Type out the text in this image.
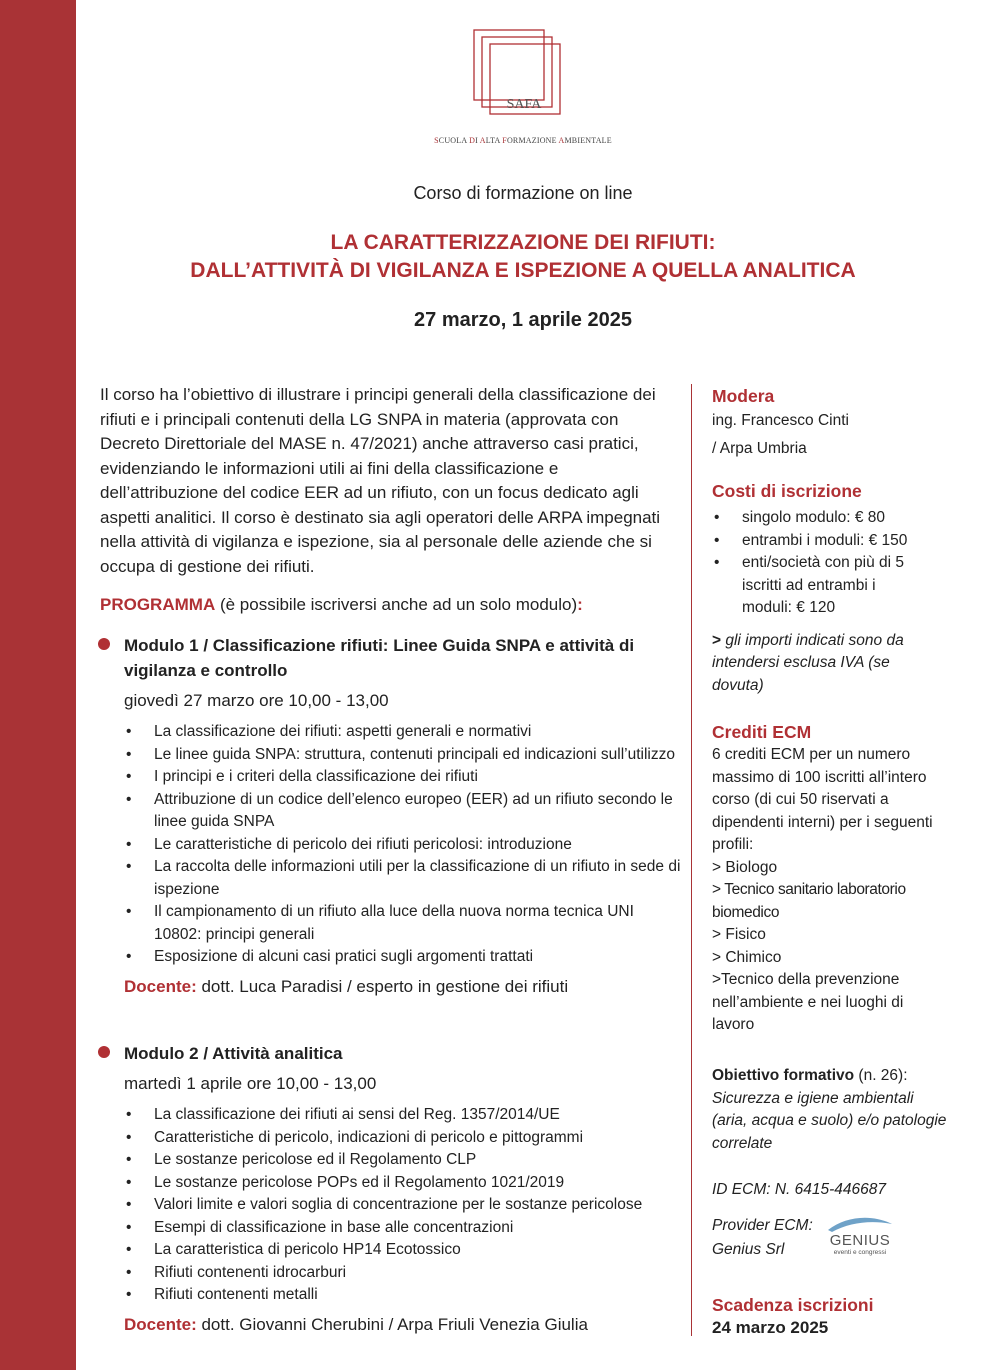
SAFA
SCUOLA DI ALTA FORMAZIONE AMBIENTALE
Corso di formazione on line
LA CARATTERIZZAZIONE DEI RIFIUTI:
DALL’ATTIVITÀ DI VIGILANZA E ISPEZIONE A QUELLA ANALITICA
27 marzo, 1 aprile 2025
Il corso ha l’obiettivo di illustrare i principi generali della classificazione dei rifiuti e i principali contenuti della LG SNPA in materia (approvata con Decreto Direttoriale del MASE n. 47/2021) anche attraverso casi pratici, evidenziando le informazioni utili ai fini della classificazione e dell’attribuzione del codice EER ad un rifiuto, con un focus dedicato agli aspetti analitici. Il corso è destinato sia agli operatori delle ARPA impegnati nella attività di vigilanza e ispezione, sia al personale delle aziende che si occupa di gestione dei rifiuti.
PROGRAMMA (è possibile iscriversi anche ad un solo modulo):
Modulo 1 / Classificazione rifiuti: Linee Guida SNPA e attività di vigilanza e controllo
giovedì 27 marzo ore 10,00 - 13,00
• La classificazione dei rifiuti: aspetti generali e normativi
• Le linee guida SNPA: struttura, contenuti principali ed indicazioni sull’utilizzo
• I principi e i criteri della classificazione dei rifiuti
• Attribuzione di un codice dell’elenco europeo (EER) ad un rifiuto secondo le linee guida SNPA
• Le caratteristiche di pericolo dei rifiuti pericolosi: introduzione
• La raccolta delle informazioni utili per la classificazione di un rifiuto in sede di ispezione
• Il campionamento di un rifiuto alla luce della nuova norma tecnica UNI 10802: principi generali
• Esposizione di alcuni casi pratici sugli argomenti trattati
Docente: dott. Luca Paradisi / esperto in gestione dei rifiuti
Modulo 2 / Attività analitica
martedì 1 aprile ore 10,00 - 13,00
• La classificazione dei rifiuti ai sensi del Reg. 1357/2014/UE
• Caratteristiche di pericolo, indicazioni di pericolo e pittogrammi
• Le sostanze pericolose ed il Regolamento CLP
• Le sostanze pericolose POPs ed il Regolamento 1021/2019
• Valori limite e valori soglia di concentrazione per le sostanze pericolose
• Esempi di classificazione in base alle concentrazioni
• La caratteristica di pericolo HP14 Ecotossico
• Rifiuti contenenti idrocarburi
• Rifiuti contenenti metalli
Docente: dott. Giovanni Cherubini / Arpa Friuli Venezia Giulia
Modera
ing. Francesco Cinti
/ Arpa Umbria
Costi di iscrizione
• singolo modulo: € 80
• entrambi i moduli: € 150
• enti/società con più di 5 iscritti ad entrambi i moduli: € 120
> gli importi indicati sono da intendersi esclusa IVA (se dovuta)
Crediti ECM
6 crediti ECM per un numero massimo di 100 iscritti all’intero corso (di cui 50 riservati a dipendenti interni) per i seguenti profili:
> Biologo
> Tecnico sanitario laboratorio biomedico
> Fisico
> Chimico
>Tecnico della prevenzione nell’ambiente e nei luoghi di lavoro
Obiettivo formativo (n. 26):
Sicurezza e igiene ambientali (aria, acqua e suolo) e/o patologie correlate
ID ECM: N. 6415-446687
Provider ECM:
Genius Srl
GENIUS
eventi e congressi
Scadenza iscrizioni
24 marzo 2025
